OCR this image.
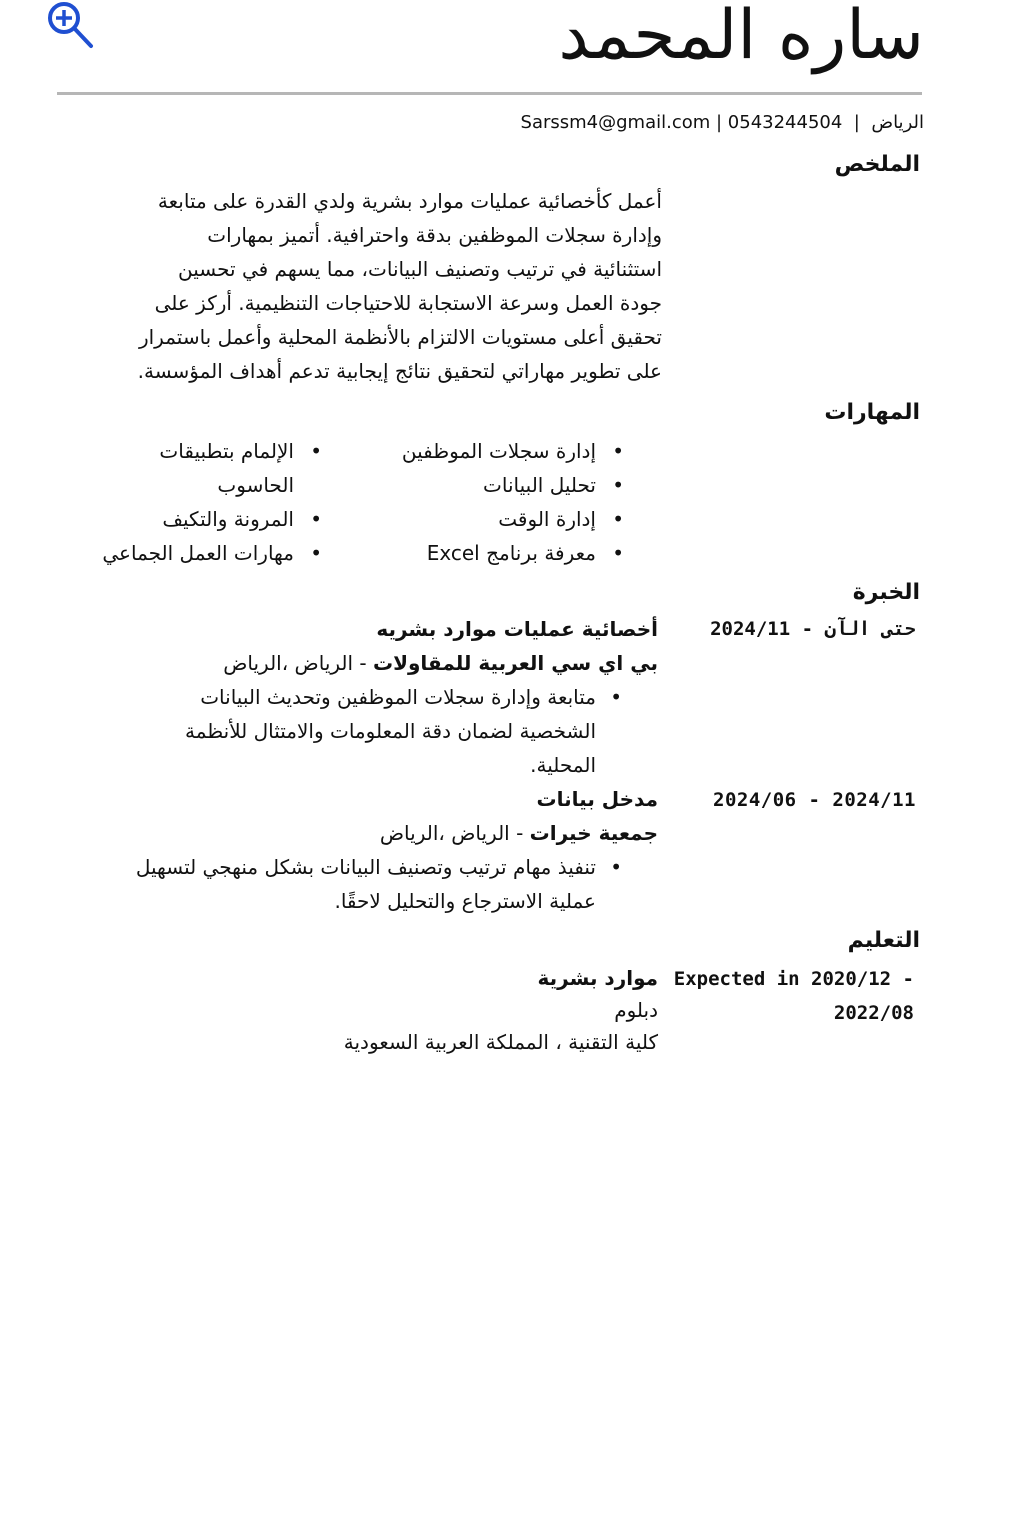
ساره المحمد
الرياض  |  Sarssm4@gmail.com | 0543244504
الملخص
أعمل كأخصائية عمليات موارد بشرية ولدي القدرة على متابعة
وإدارة سجلات الموظفين بدقة واحترافية. أتميز بمهارات
استثنائية في ترتيب وتصنيف البيانات، مما يسهم في تحسين
جودة العمل وسرعة الاستجابة للاحتياجات التنظيمية. أركز على
تحقيق أعلى مستويات الالتزام بالأنظمة المحلية وأعمل باستمرار
على تطوير مهاراتي لتحقيق نتائج إيجابية تدعم أهداف المؤسسة.
المهارات
• إدارة سجلات الموظفين
• تحليل البيانات
• إدارة الوقت
• معرفة برنامج Excel
• الإلمام بتطبيقات
الحاسوب
• المرونة والتكيف
• مهارات العمل الجماعي
الخبرة
2024/11 - حتى الآن
أخصائية عمليات موارد بشريه
بي اي سي العربية للمقاولات - الرياض ،الرياض
• متابعة وإدارة سجلات الموظفين وتحديث البيانات
الشخصية لضمان دقة المعلومات والامتثال للأنظمة
المحلية.
2024/06 - 2024/11
مدخل بيانات
جمعية خيرات - الرياض ،الرياض
• تنفيذ مهام ترتيب وتصنيف البيانات بشكل منهجي لتسهيل
عملية الاسترجاع والتحليل لاحقًا.
التعليم
Expected in 2020/12 -
2022/08
موارد بشرية
دبلوم
كلية التقنية ، المملكة العربية السعودية
